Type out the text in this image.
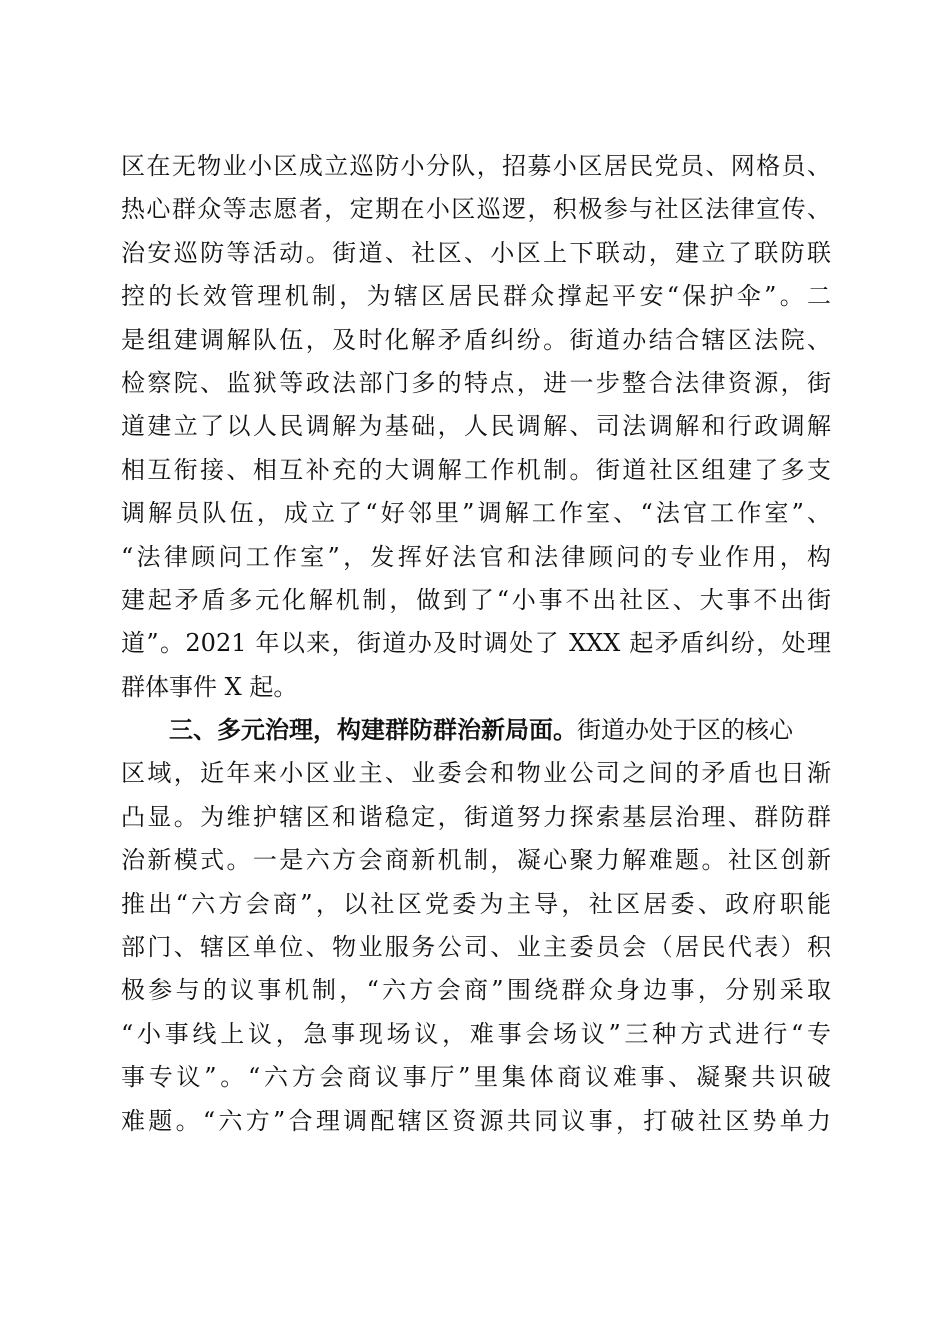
区在无物业小区成立巡防小分队，招募小区居民党员、网格员、
热心群众等志愿者，定期在小区巡逻，积极参与社区法律宣传、
治安巡防等活动。街道、社区、小区上下联动，建立了联防联
控的长效管理机制，为辖区居民群众撑起平安“保护伞”。二
是组建调解队伍，及时化解矛盾纠纷。街道办结合辖区法院、
检察院、监狱等政法部门多的特点，进一步整合法律资源，街
道建立了以人民调解为基础，人民调解、司法调解和行政调解
相互衔接、相互补充的大调解工作机制。街道社区组建了多支
调解员队伍，成立了“好邻里”调解工作室、“法官工作室”、
“法律顾问工作室”，发挥好法官和法律顾问的专业作用，构
建起矛盾多元化解机制，做到了“小事不出社区、大事不出街
道”。2021 年以来，街道办及时调处了 XXX 起矛盾纠纷，处理
群体事件 X 起。
三、多元治理，构建群防群治新局面。街道办处于区的核心
区域，近年来小区业主、业委会和物业公司之间的矛盾也日渐
凸显。为维护辖区和谐稳定，街道努力探索基层治理、群防群
治新模式。一是六方会商新机制，凝心聚力解难题。社区创新
推出“六方会商”，以社区党委为主导，社区居委、政府职能
部门、辖区单位、物业服务公司、业主委员会（居民代表）积
极参与的议事机制，“六方会商”围绕群众身边事，分别采取
“小事线上议，急事现场议，难事会场议”三种方式进行“专
事专议”。“六方会商议事厅”里集体商议难事、凝聚共识破
难题。“六方”合理调配辖区资源共同议事，打破社区势单力
